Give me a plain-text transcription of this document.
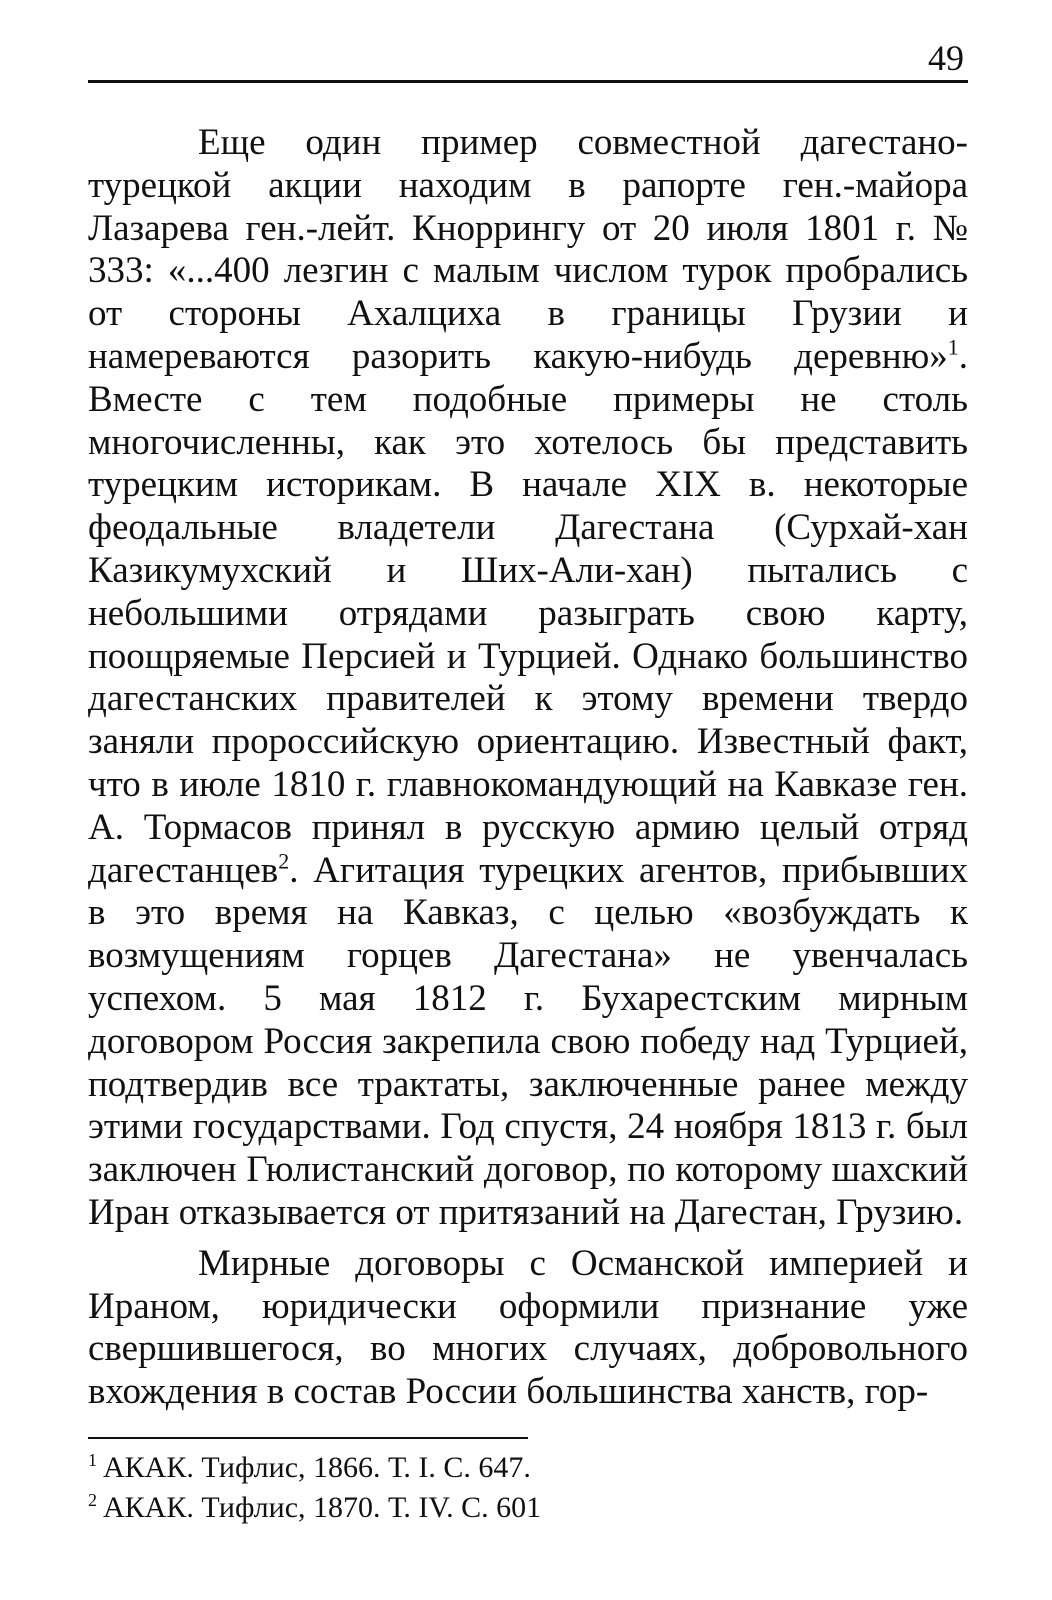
49

Еще один пример совместной дагестано-турецкой акции находим в рапорте ген.-майора Лазарева ген.-лейт. Кноррингу от 20 июля 1801 г. № 333: «...400 лезгин с малым числом турок пробрались от стороны Ахалциха в границы Грузии и намереваются разорить какую-нибудь деревню»$^1$. Вместе с тем подобные примеры не столь многочисленны, как это хотелось бы представить турецким историкам. В начале XIX в. некоторые феодальные владетели Дагестана (Сурхай-хан Казикумухский и Ших-Али-хан) пытались с небольшими отрядами разыграть свою карту, поощряемые Персией и Турцией. Однако большинство дагестанских правителей к этому времени твердо заняли пророссийскую ориентацию. Известный факт, что в июле 1810 г. главнокомандующий на Кавказе ген. А. Тормасов принял в русскую армию целый отряд дагестанцев$^2$. Агитация турецких агентов, прибывших в это время на Кавказ, с целью «возбуждать к возмущениям горцев Дагестана» не увенчалась успехом. 5 мая 1812 г. Бухарестским мирным договором Россия закрепила свою победу над Турцией, подтвердив все трактаты, заключенные ранее между этими государствами. Год спустя, 24 ноября 1813 г. был заключен Гюлистанский договор, по которому шахский Иран отказывается от притязаний на Дагестан, Грузию.

Мирные договоры с Османской империей и Ираном, юридически оформили признание уже свершившегося, во многих случаях, добровольного вхождения в состав России большинства ханств, гор-

$^1$ АКАК. Тифлис, 1866. Т. I. С. 647.
$^2$ АКАК. Тифлис, 1870. Т. IV. С. 601
